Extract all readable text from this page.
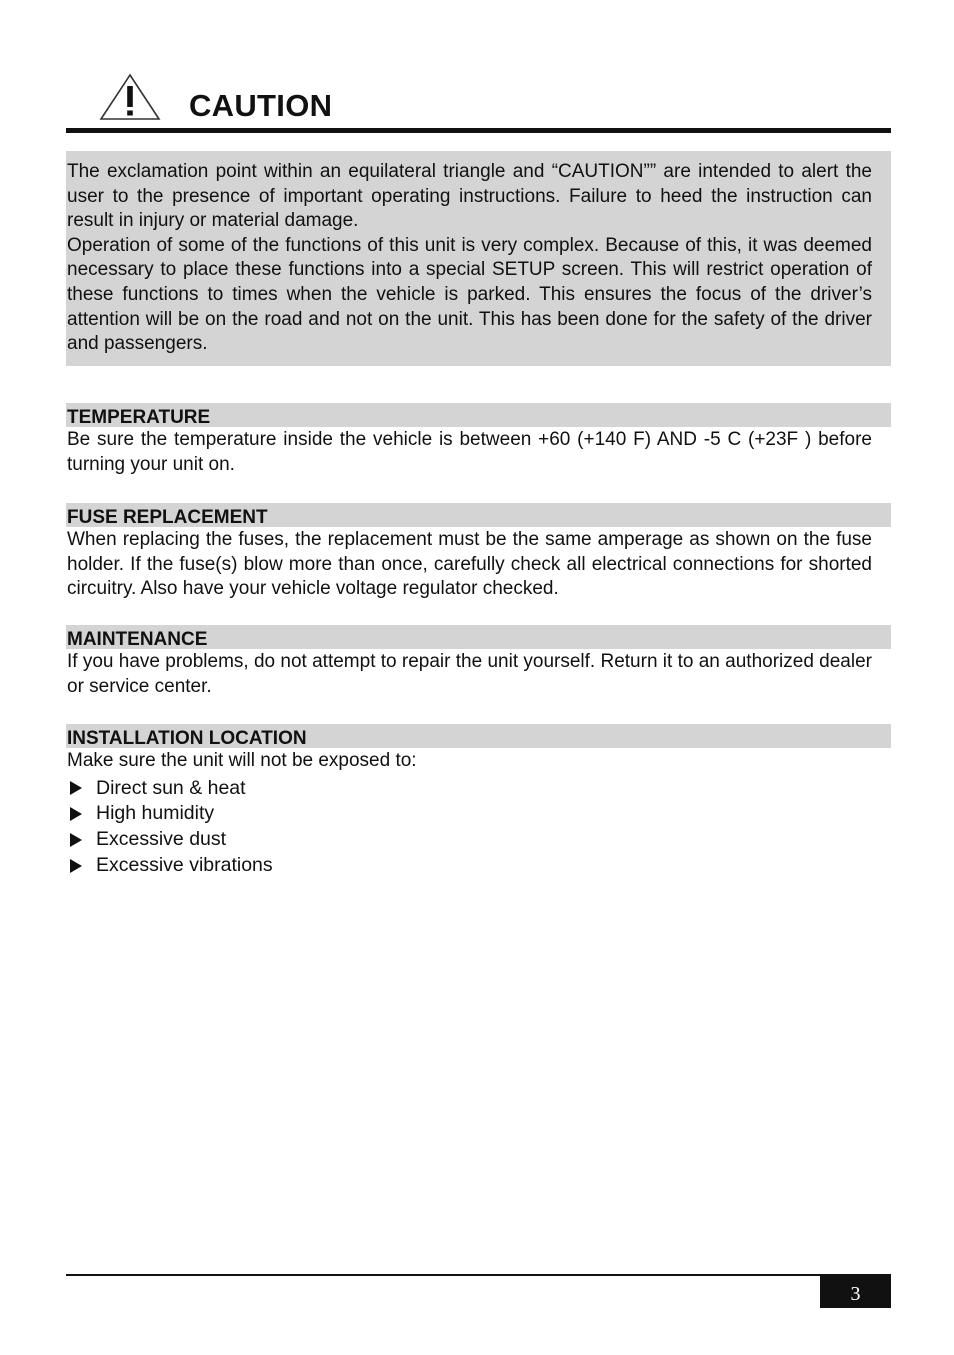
CAUTION

The exclamation point within an equilateral triangle and “CAUTION”” are intended to alert the user to the presence of important operating instructions. Failure to heed the instruction can result in injury or material damage.

Operation of some of the functions of this unit is very complex. Because of this, it was deemed necessary to place these functions into a special SETUP screen. This will restrict operation of these functions to times when the vehicle is parked. This ensures the focus of the driver’s attention will be on the road and not on the unit. This has been done for the safety of the driver and passengers.

TEMPERATURE

Be sure the temperature inside the vehicle is between +60 (+140 F) AND -5 C (+23F ) before turning your unit on.

FUSE REPLACEMENT

When replacing the fuses, the replacement must be the same amperage as shown on the fuse holder. If the fuse(s) blow more than once, carefully check all electrical connections for shorted circuitry. Also have your vehicle voltage regulator checked.

MAINTENANCE

If you have problems, do not attempt to repair the unit yourself. Return it to an authorized dealer or service center.

INSTALLATION LOCATION

Make sure the unit will not be exposed to:

Direct sun & heat
High humidity
Excessive dust
Excessive vibrations
3
